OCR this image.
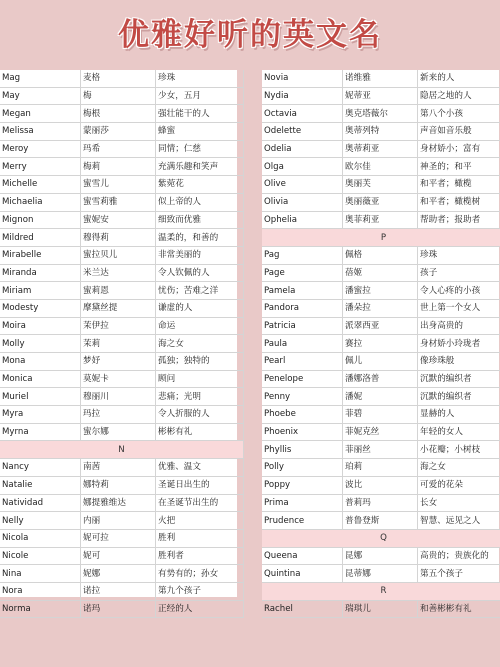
优雅好听的英文名
Mag	麦格	珍珠
May	梅	少女，五月
Megan	梅根	强壮能干的人
Melissa	蒙丽莎	蜂蜜
Meroy	玛希	同情；仁慈
Merry	梅莉	充满乐趣和笑声
Michelle	蜜雪儿	紫菀花
Michaelia	蜜雪莉雅	似上帝的人
Mignon	蜜妮安	细致而优雅
Mildred	穆得莉	温柔的，和善的
Mirabelle	蜜拉贝儿	非常美丽的
Miranda	米兰达	令人钦佩的人
Miriam	蜜莉恩	忧伤；苦难之洋
Modesty	摩黛丝提	谦虚的人
Moira	茉伊拉	命运
Molly	茉莉	海之女
Mona	梦妤	孤独；独特的
Monica	莫妮卡	顾问
Muriel	穆丽川	悲痛；光明
Myra	玛拉	令人折服的人
Myrna	蜜尔娜	彬彬有礼
N		
Nancy	南茜	优雅、温文
Natalie	娜特莉	圣诞日出生的
Natividad	娜提雅维达	在圣诞节出生的
Nelly	内丽	火把
Nicola	妮可拉	胜利
Nicole	妮可	胜利者
Nina	妮娜	有势有的；孙女
Nora	诺拉	第九个孩子
Norma	诺玛	正经的人
Novia	诺维雅	新来的人
Nydia	妮蒂亚	隐居之地的人
Octavia	奥克塔薇尔	第八个小孩
Odelette	奥蒂列特	声音如音乐般
Odelia	奥蒂莉亚	身材娇小；富有
Olga	欧尔佳	神圣的；和平
Olive	奥丽芙	和平者；橄榄
Olivia	奥丽薇亚	和平者；橄榄树
Ophelia	奥菲莉亚	帮助者；报助者
P		
Pag	佩格	珍珠
Page	蓓姬	孩子
Pamela	潘蜜拉	令人心疼的小孩
Pandora	潘朵拉	世上第一个女人
Patricia	派翠西亚	出身高贵的
Paula	赛拉	身材娇小玲珑者
Pearl	佩儿	像珍珠般
Penelope	潘娜洛普	沉默的编织者
Penny	潘妮	沉默的编织者
Phoebe	菲碧	显赫的人
Phoenix	菲妮克丝	年轻的女人
Phyllis	菲丽丝	小花瓣；小树枝
Polly	珀莉	海之女
Poppy	波比	可爱的花朵
Prima	普莉玛	长女
Prudence	普鲁登斯	智慧、远见之人
Q		
Queena	昆娜	高贵的；贵族化的
Quintina	昆蒂娜	第五个孩子
R		
Rachel	瑞琪儿	和善彬彬有礼
